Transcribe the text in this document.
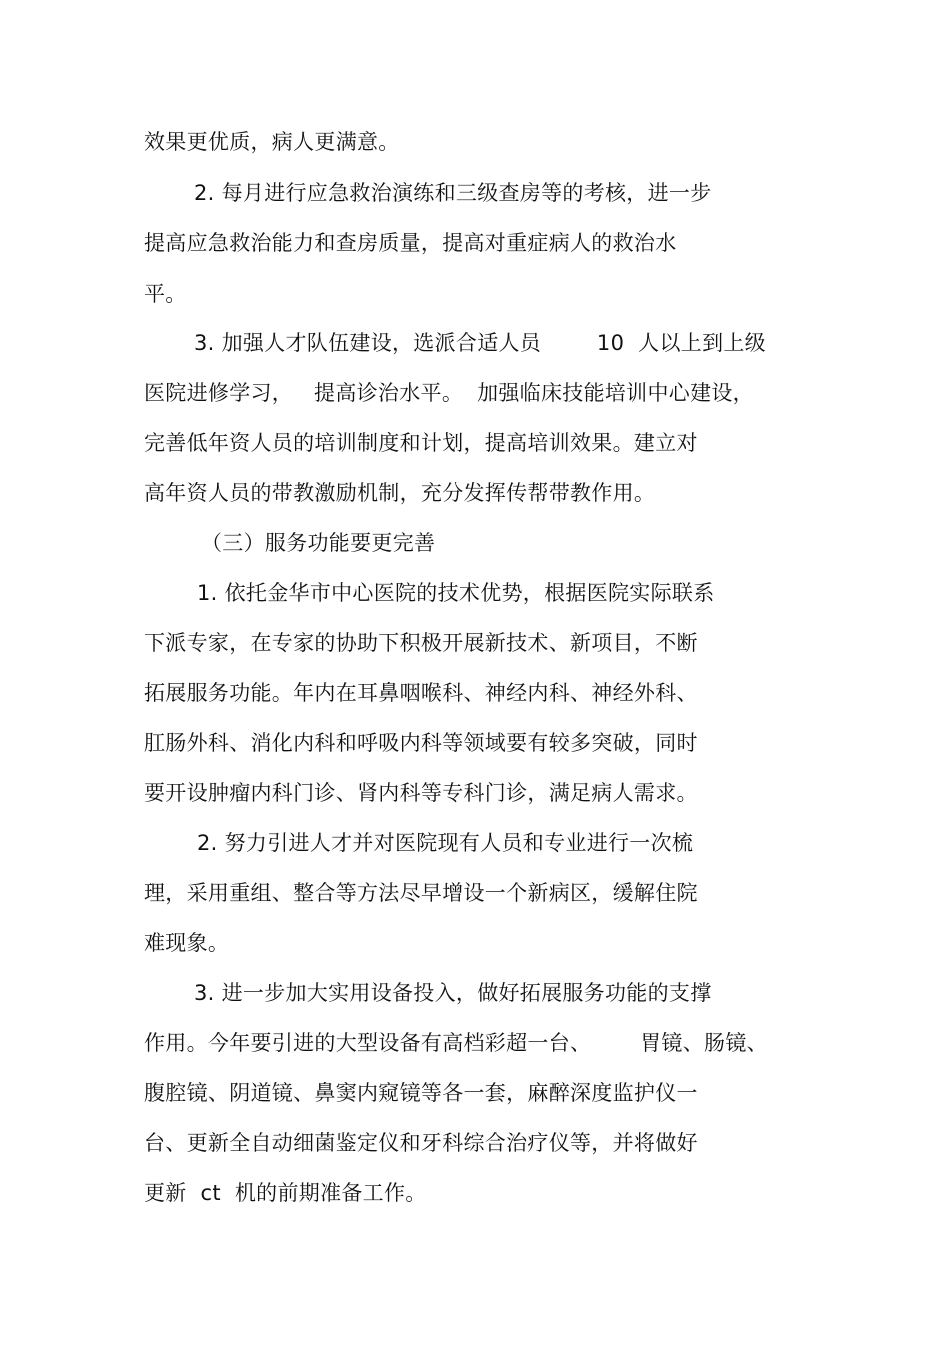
效果更优质，病人更满意。
2. 每月进行应急救治演练和三级查房等的考核，进一步
提高应急救治能力和查房质量，提高对重症病人的救治水
平。
3. 加强人才队伍建设，选派合适人员        10  人以上到上级
医院进修学习，   提高诊治水平。  加强临床技能培训中心建设，
完善低年资人员的培训制度和计划，提高培训效果。建立对
高年资人员的带教激励机制，充分发挥传帮带教作用。
（三）服务功能要更完善
1. 依托金华市中心医院的技术优势，根据医院实际联系
下派专家，在专家的协助下积极开展新技术、新项目，不断
拓展服务功能。年内在耳鼻咽喉科、神经内科、神经外科、
肛肠外科、消化内科和呼吸内科等领域要有较多突破，同时
要开设肿瘤内科门诊、肾内科等专科门诊，满足病人需求。
2. 努力引进人才并对医院现有人员和专业进行一次梳
理，采用重组、整合等方法尽早增设一个新病区，缓解住院
难现象。
3. 进一步加大实用设备投入，做好拓展服务功能的支撑
作用。今年要引进的大型设备有高档彩超一台、       胃镜、肠镜、
腹腔镜、阴道镜、鼻窦内窥镜等各一套，麻醉深度监护仪一
台、更新全自动细菌鉴定仪和牙科综合治疗仪等，并将做好
更新  ct  机的前期准备工作。
